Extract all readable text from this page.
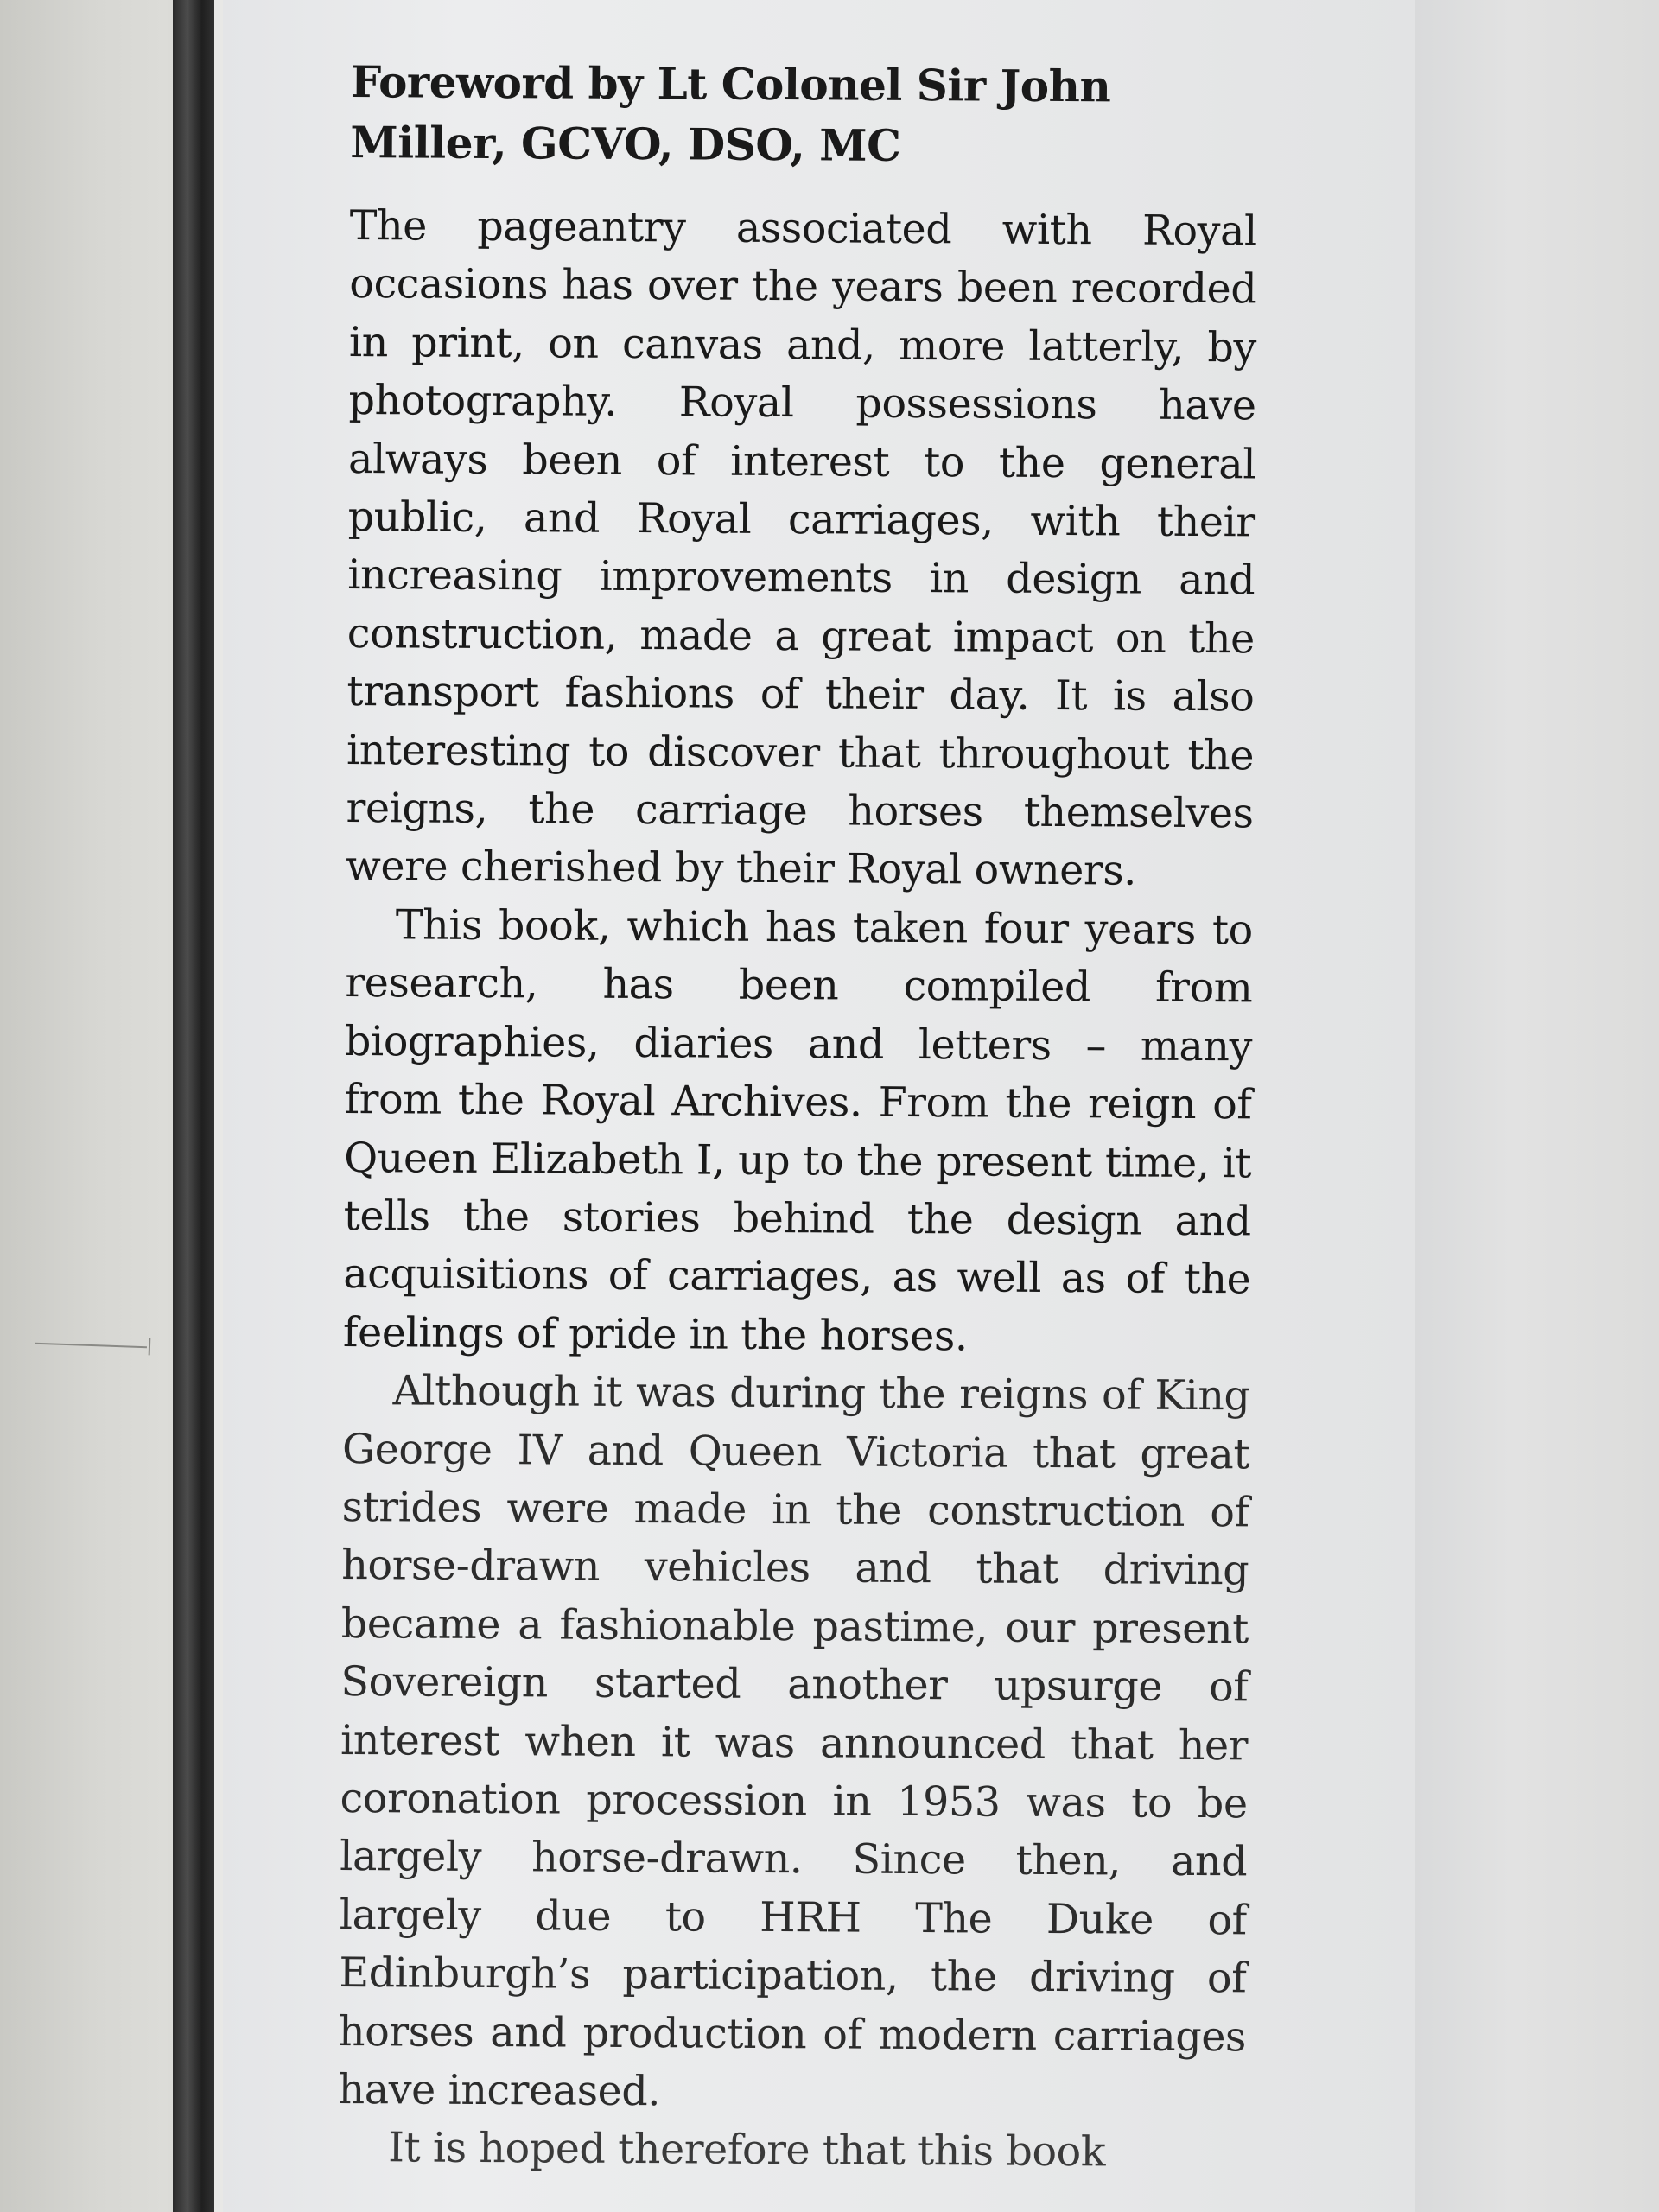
Foreword by Lt Colonel Sir John Miller, GCVO, DSO, MC

The pageantry associated with Royal occasions has over the years been recorded in print, on canvas and, more latterly, by photography. Royal possessions have always been of interest to the general public, and Royal carriages, with their increasing improvements in design and construction, made a great impact on the transport fashions of their day. It is also interesting to discover that throughout the reigns, the carriage horses themselves were cherished by their Royal owners.

This book, which has taken four years to research, has been compiled from biographies, diaries and letters – many from the Royal Archives. From the reign of Queen Elizabeth I, up to the present time, it tells the stories behind the design and acquisitions of carriages, as well as of the feelings of pride in the horses.

Although it was during the reigns of King George IV and Queen Victoria that great strides were made in the construction of horse-drawn vehicles and that driving became a fashionable pastime, our present Sovereign started another upsurge of interest when it was announced that her coronation procession in 1953 was to be largely horse-drawn. Since then, and largely due to HRH The Duke of Edinburgh’s participation, the driving of horses and production of modern carriages have increased.

It is hoped therefore that this book
